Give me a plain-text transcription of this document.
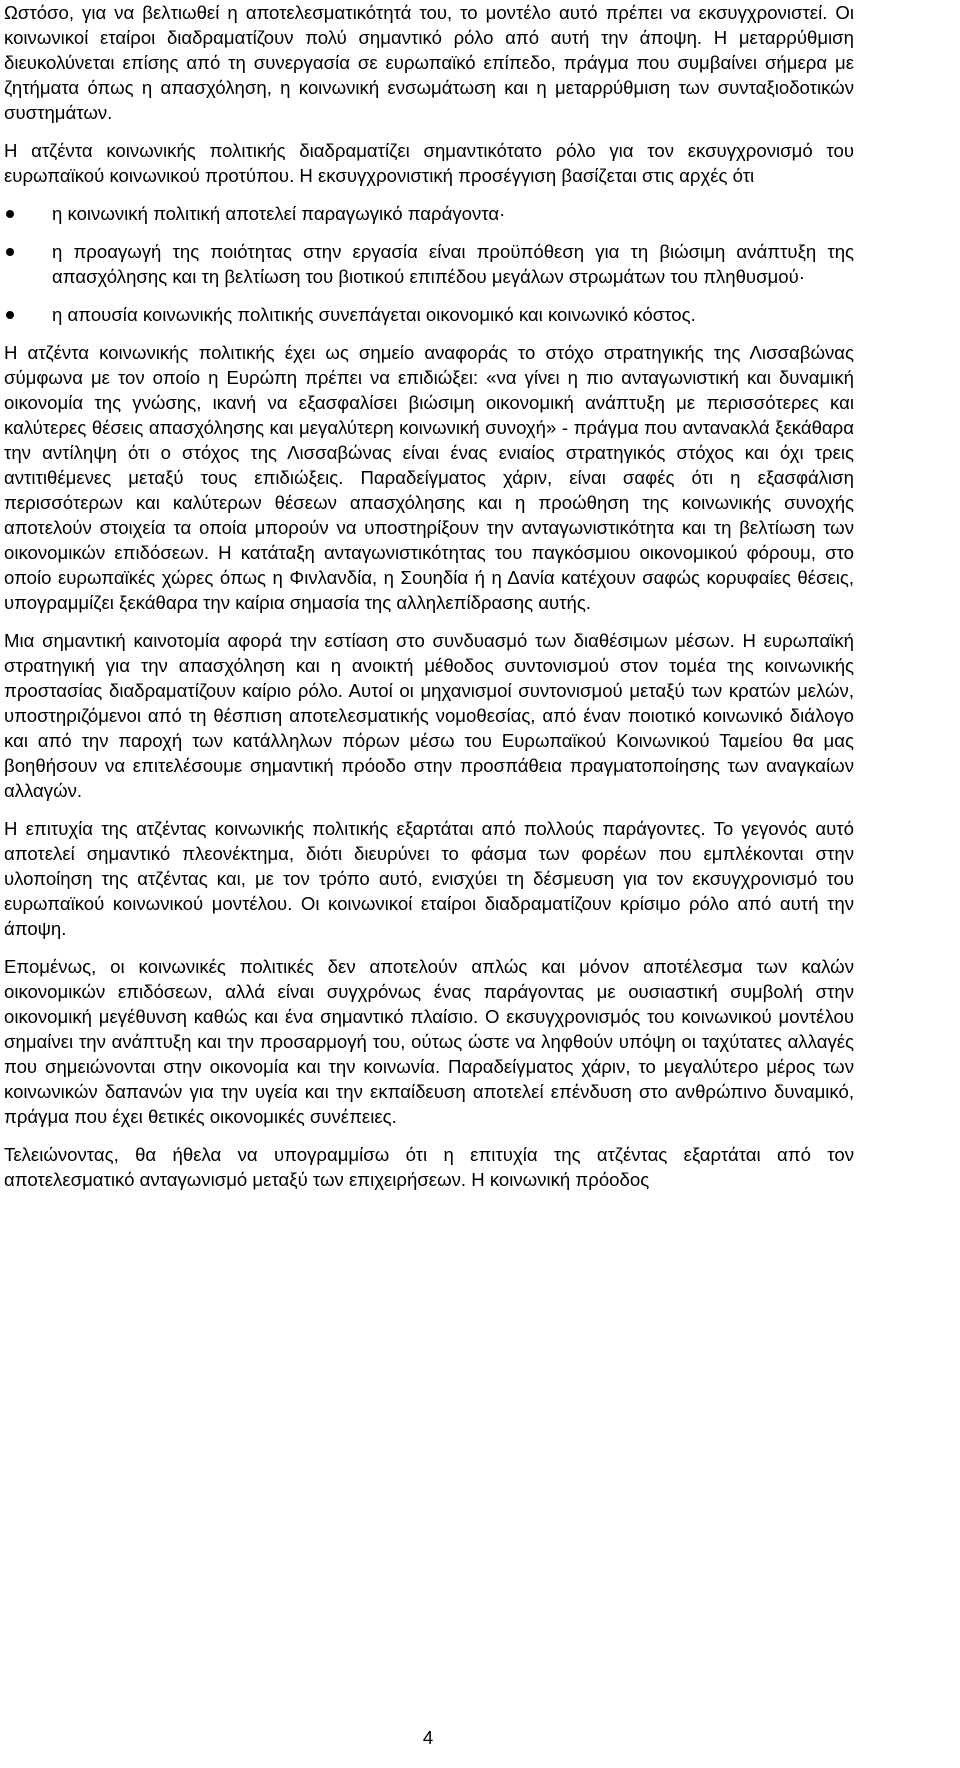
Ωστόσο, για να βελτιωθεί η αποτελεσματικότητά του, το μοντέλο αυτό πρέπει να εκσυγχρονιστεί. Οι κοινωνικοί εταίροι διαδραματίζουν πολύ σημαντικό ρόλο από αυτή την άποψη. Η μεταρρύθμιση διευκολύνεται επίσης από τη συνεργασία σε ευρωπαϊκό επίπεδο, πράγμα που συμβαίνει σήμερα με ζητήματα όπως η απασχόληση, η κοινωνική ενσωμάτωση και η μεταρρύθμιση των συνταξιοδοτικών συστημάτων.

Η ατζέντα κοινωνικής πολιτικής διαδραματίζει σημαντικότατο ρόλο για τον εκσυγχρονισμό του ευρωπαϊκού κοινωνικού προτύπου. Η εκσυγχρονιστική προσέγγιση βασίζεται στις αρχές ότι

η κοινωνική πολιτική αποτελεί παραγωγικό παράγοντα·
η προαγωγή της ποιότητας στην εργασία είναι προϋπόθεση για τη βιώσιμη ανάπτυξη της απασχόλησης και τη βελτίωση του βιοτικού επιπέδου μεγάλων στρωμάτων του πληθυσμού·
η απουσία κοινωνικής πολιτικής συνεπάγεται οικονομικό και κοινωνικό κόστος.

Η ατζέντα κοινωνικής πολιτικής έχει ως σημείο αναφοράς το στόχο στρατηγικής της Λισσαβώνας σύμφωνα με τον οποίο η Ευρώπη πρέπει να επιδιώξει: «να γίνει η πιο ανταγωνιστική και δυναμική οικονομία της γνώσης, ικανή να εξασφαλίσει βιώσιμη οικονομική ανάπτυξη με περισσότερες και καλύτερες θέσεις απασχόλησης και μεγαλύτερη κοινωνική συνοχή» - πράγμα που αντανακλά ξεκάθαρα την αντίληψη ότι ο στόχος της Λισσαβώνας είναι ένας ενιαίος στρατηγικός στόχος και όχι τρεις αντιτιθέμενες μεταξύ τους επιδιώξεις. Παραδείγματος χάριν, είναι σαφές ότι η εξασφάλιση περισσότερων και καλύτερων θέσεων απασχόλησης και η προώθηση της κοινωνικής συνοχής αποτελούν στοιχεία τα οποία μπορούν να υποστηρίξουν την ανταγωνιστικότητα και τη βελτίωση των οικονομικών επιδόσεων. Η κατάταξη ανταγωνιστικότητας του παγκόσμιου οικονομικού φόρουμ, στο οποίο ευρωπαϊκές χώρες όπως η Φινλανδία, η Σουηδία ή η Δανία κατέχουν σαφώς κορυφαίες θέσεις, υπογραμμίζει ξεκάθαρα την καίρια σημασία της αλληλεπίδρασης αυτής.

Μια σημαντική καινοτομία αφορά την εστίαση στο συνδυασμό των διαθέσιμων μέσων. Η ευρωπαϊκή στρατηγική για την απασχόληση και η ανοικτή μέθοδος συντονισμού στον τομέα της κοινωνικής προστασίας διαδραματίζουν καίριο ρόλο. Αυτοί οι μηχανισμοί συντονισμού μεταξύ των κρατών μελών, υποστηριζόμενοι από τη θέσπιση αποτελεσματικής νομοθεσίας, από έναν ποιοτικό κοινωνικό διάλογο και από την παροχή των κατάλληλων πόρων μέσω του Ευρωπαϊκού Κοινωνικού Ταμείου θα μας βοηθήσουν να επιτελέσουμε σημαντική πρόοδο στην προσπάθεια πραγματοποίησης των αναγκαίων αλλαγών.

Η επιτυχία της ατζέντας κοινωνικής πολιτικής εξαρτάται από πολλούς παράγοντες. Το γεγονός αυτό αποτελεί σημαντικό πλεονέκτημα, διότι διευρύνει το φάσμα των φορέων που εμπλέκονται στην υλοποίηση της ατζέντας και, με τον τρόπο αυτό, ενισχύει τη δέσμευση για τον εκσυγχρονισμό του ευρωπαϊκού κοινωνικού μοντέλου. Οι κοινωνικοί εταίροι διαδραματίζουν κρίσιμο ρόλο από αυτή την άποψη.

Επομένως, οι κοινωνικές πολιτικές δεν αποτελούν απλώς και μόνον αποτέλεσμα των καλών οικονομικών επιδόσεων, αλλά είναι συγχρόνως ένας παράγοντας με ουσιαστική συμβολή στην οικονομική μεγέθυνση καθώς και ένα σημαντικό πλαίσιο. Ο εκσυγχρονισμός του κοινωνικού μοντέλου σημαίνει την ανάπτυξη και την προσαρμογή του, ούτως ώστε να ληφθούν υπόψη οι ταχύτατες αλλαγές που σημειώνονται στην οικονομία και την κοινωνία. Παραδείγματος χάριν, το μεγαλύτερο μέρος των κοινωνικών δαπανών για την υγεία και την εκπαίδευση αποτελεί επένδυση στο ανθρώπινο δυναμικό, πράγμα που έχει θετικές οικονομικές συνέπειες.

Τελειώνοντας, θα ήθελα να υπογραμμίσω ότι η επιτυχία της ατζέντας εξαρτάται από τον αποτελεσματικό ανταγωνισμό μεταξύ των επιχειρήσεων. Η κοινωνική πρόοδος

4
